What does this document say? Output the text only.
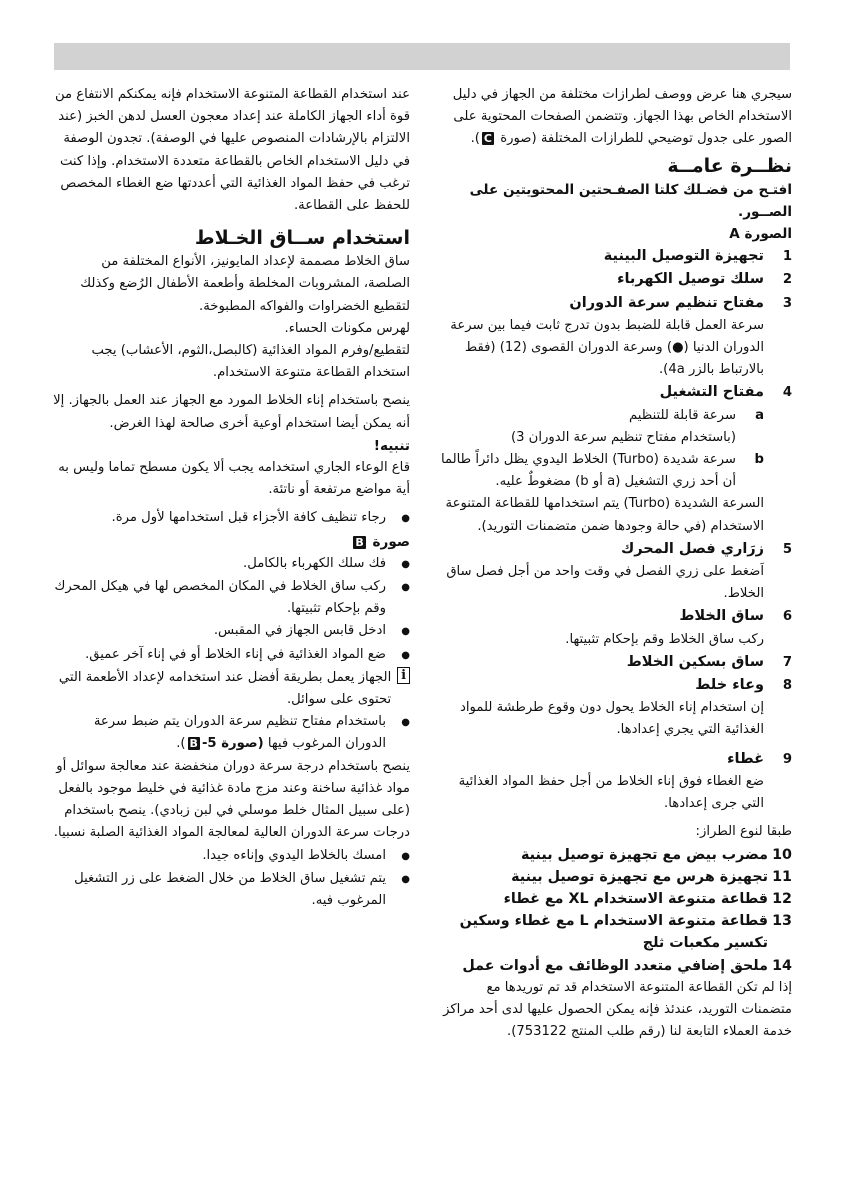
سيجري هنا عرض ووصف لطرازات مختلفة من الجهاز في دليل الاستخدام الخاص بهذا الجهاز. وتتضمن الصفحات المحتوية على الصور على جدول توضيحي للطرازات المختلفة (صورة C).

نظــرة عامــة

افتـح من فضـلك كلتا الصفـحتين المحتويتين على الصــور.

الصورة A

1
تجهيزة التوصيل البينية
2
سلك توصيل الكهرباء
3
مفتاح تنظيم سرعة الدوران

سرعة العمل قابلة للضبط بدون تدرج ثابت فيما بين سرعة الدوران الدنيا (●) وسرعة الدوران القصوى (12) (فقط بالارتباط بالزر 4a).

4
مفتاح التشغيل
a
سرعة قابلة للتنظيم

(باستخدام مفتاح تنظيم سرعة الدوران 3)

b
سرعة شديدة (Turbo) الخلاط اليدوي يظل دائراً طالما أن أحد زري التشغيل (a أو b) مضغوطٌ عليه.

السرعة الشديدة (Turbo) يتم استخدامها للقطاعة المتنوعة الاستخدام (في حالة وجودها ضمن متضمنات التوريد).

5
زرَاري فصل المحرك

اَضغط على زري الفصل في وقت واحد من أجل فصل ساق الخلاط.

6
ساق الخلاط

ركب ساق الخلاط وقم بإحكام تثبيتها.

7
ساق بسكين الخلاط
8
وعاء خلط

إن استخدام إناء الخلاط يحول دون وقوع طرطشة للمواد الغذائية التي يجري إعدادها.

9
غطاء

ضع الغطاء فوق إناء الخلاط من أجل حفظ المواد الغذائية التي جرى إعدادها.

طبقا لنوع الطراز:

10
مضرب بيض مع تجهيزة توصيل بينية
11
تجهيزة هرس مع تجهيزة توصيل بينية
12
قطاعة متنوعة الاستخدام XL مع غطاء
13
قطاعة متنوعة الاستخدام L مع غطاء وسكين تكسير مكعبات ثلج
14
ملحق إضافي متعدد الوظائف مع أدوات عمل

إذا لم تكن القطاعة المتنوعة الاستخدام قد تم توريدها مع متضمنات التوريد، عندئذ فإنه يمكن الحصول عليها لدى أحد مراكز خدمة العملاء التابعة لنا (رقم طلب المنتج 753122).

عند استخدام القطاعة المتنوعة الاستخدام فإنه يمكنكم الانتفاع من قوة أداء الجهاز الكاملة عند إعداد معجون العسل لدهن الخبز (عند الالتزام بالإرشادات المنصوص عليها في الوصفة). تجدون الوصفة في دليل الاستخدام الخاص بالقطاعة متعددة الاستخدام. وإذا كنت ترغب في حفظ المواد الغذائية التي أعددتها ضع الغطاء المخصص للحفظ على القطاعة.

استخدام ســاق الخـلاط

ساق الخلاط مصممة لإعداد المايونيز، الأنواع المختلفة من الصلصة، المشروبات المخلطة وأطعمة الأطفال الرُضع وكذلك لتقطيع الخضراوات والفواكه المطبوخة.

لهرس مكونات الحساء.

لتقطيع/وفرم المواد الغذائية (كالبصل،الثوم، الأعشاب) يجب استخدام القطاعة متنوعة الاستخدام.

ينصح باستخدام إناء الخلاط المورد مع الجهاز عند العمل بالجهاز. إلا أنه يمكن أيضا استخدام أوعية أخرى صالحة لهذا الغرض.

تنبيه!

قاع الوعاء الجاري استخدامه يجب ألا يكون مسطح تماما وليس به أية مواضع مرتفعة أو ناتئة.

●
رجاء تنظيف كافة الأجزاء قبل استخدامها لأول مرة.

صورة B

●
فك سلك الكهرباء بالكامل.
●
ركب ساق الخلاط في المكان المخصص لها في هيكل المحرك وقم بإحكام تثبيتها.
●
ادخل قابس الجهاز في المقبس.
●
ضع المواد الغذائية في إناء الخلاط أو في إناء آخر عميق.
i
الجهاز يعمل بطريقة أفضل عند استخدامه لإعداد الأطعمة التي تحتوى على سوائل.
●
باستخدام مفتاح تنظيم سرعة الدوران يتم ضبط سرعة الدوران المرغوب فيها (صورة 5-B).

ينصح باستخدام درجة سرعة دوران منخفضة عند معالجة سوائل أو مواد غذائية ساخنة وعند مزج مادة غذائية في خليط موجود بالفعل (على سبيل المثال خلط موسلي في لبن زبادي). ينصح باستخدام درجات سرعة الدوران العالية لمعالجة المواد الغذائية الصلبة نسبيا.

●
امسك بالخلاط اليدوي وإناءه جيدا.
●
يتم تشغيل ساق الخلاط من خلال الضغط على زر التشغيل المرغوب فيه.
